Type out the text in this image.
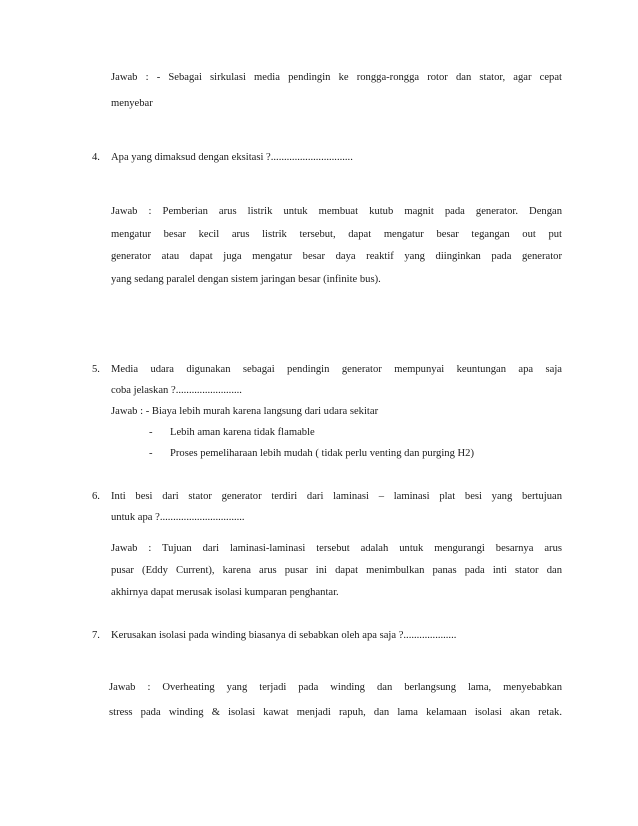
Jawab : - Sebagai sirkulasi media pendingin ke rongga-rongga rotor dan stator, agar cepat
menyebar
4. Apa yang dimaksud dengan eksitasi ?...............................
Jawab : Pemberian arus listrik untuk membuat kutub magnit pada generator. Dengan
mengatur besar kecil arus listrik tersebut, dapat mengatur besar tegangan out put
generator atau dapat juga mengatur besar daya reaktif yang diinginkan pada generator
yang sedang paralel dengan sistem jaringan besar (infinite bus).
5. Media udara digunakan sebagai pendingin generator mempunyai keuntungan apa saja
coba jelaskan ?.........................
Jawab : - Biaya lebih murah karena langsung dari udara sekitar
- Lebih aman karena tidak flamable
- Proses pemeliharaan lebih mudah ( tidak perlu venting dan purging H2)
6. Inti besi dari stator generator terdiri dari laminasi – laminasi plat besi yang bertujuan
untuk apa ?................................
Jawab : Tujuan dari laminasi-laminasi tersebut adalah untuk mengurangi besarnya arus
pusar (Eddy Current), karena arus pusar ini dapat menimbulkan panas pada inti stator dan
akhirnya dapat merusak isolasi kumparan penghantar.
7. Kerusakan isolasi pada winding biasanya di sebabkan oleh apa saja ?....................
Jawab : Overheating yang terjadi pada winding dan berlangsung lama, menyebabkan
stress pada winding & isolasi kawat menjadi rapuh, dan lama kelamaan isolasi akan retak.
